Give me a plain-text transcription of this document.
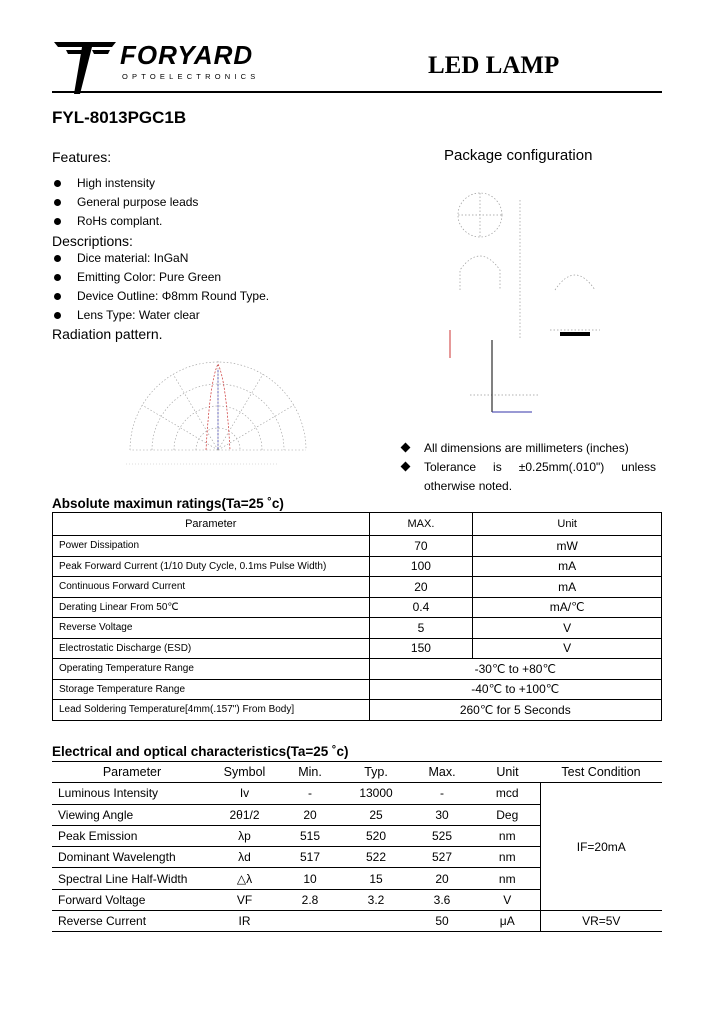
FORYARD
OPTOELECTRONICS	LED LAMP
FYL-8013PGC1B
Features:
High instensity
General purpose leads
RoHs complant.
Descriptions:
Dice material: InGaN
Emitting Color: Pure Green
Device Outline: Φ8mm Round Type.
Lens Type: Water clear
Radiation pattern.
Package configuration
All dimensions are millimeters (inches)
Tolerance is ±0.25mm(.010") unless otherwise noted.
Absolute maximun ratings(Ta=25 ˚c)
Parameter	MAX.	Unit
Power Dissipation	70	mW
Peak Forward Current (1/10 Duty Cycle, 0.1ms Pulse Width)	100	mA
Continuous Forward Current	20	mA
Derating Linear From 50℃	0.4	mA/℃
Reverse Voltage	5	V
Electrostatic Discharge (ESD)	150	V
Operating Temperature Range	-30℃ to +80℃	
Storage Temperature Range	-40℃ to +100℃	
Lead Soldering Temperature[4mm(.157") From Body]	260℃ for 5 Seconds	
Electrical and optical characteristics(Ta=25 ˚c)
Parameter	Symbol	Min.	Typ.	Max.	Unit	Test Condition
Luminous Intensity	Iv	-	13000	-	mcd	IF=20mA
Viewing Angle	2θ1/2	20	25	30	Deg	
Peak Emission	λp	515	520	525	nm	
Dominant Wavelength	λd	517	522	527	nm	
Spectral Line Half-Width	△λ	10	15	20	nm	
Forward Voltage	VF	2.8	3.2	3.6	V	
Reverse Current	IR			50	μA	VR=5V
